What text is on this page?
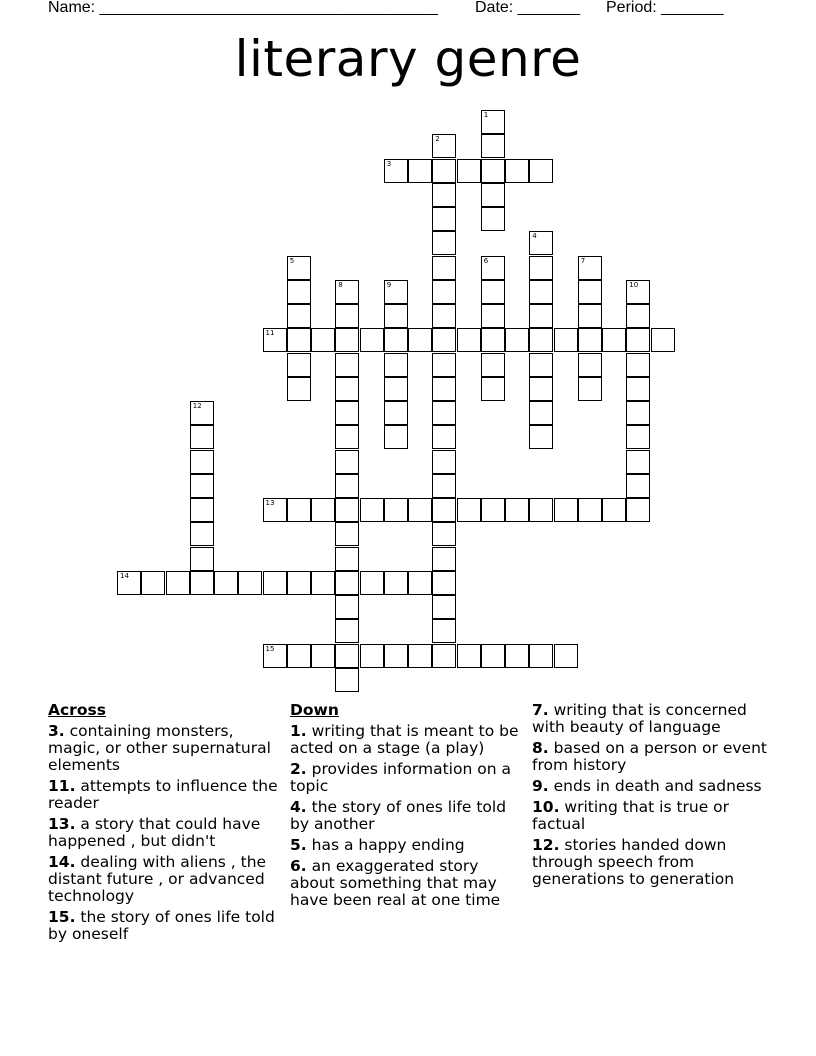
Name: ______________________________________ Date: _______ Period: _______
literary genre
1
2
3
4
5	6	7
8	9	10
11
12
13
14
15
Across
3. containing monsters, magic, or other supernatural elements
11. attempts to influence the reader
13. a story that could have happened , but didn't
14. dealing with aliens , the distant future , or advanced technology
15. the story of ones life told by oneself
Down
1. writing that is meant to be acted on a stage (a play)
2. provides information on a topic
4. the story of ones life told by another
5. has a happy ending
6. an exaggerated story about something that may have been real at one time
7. writing that is concerned with beauty of language
8. based on a person or event from history
9. ends in death and sadness
10. writing that is true or factual
12. stories handed down through speech from generations to generation
